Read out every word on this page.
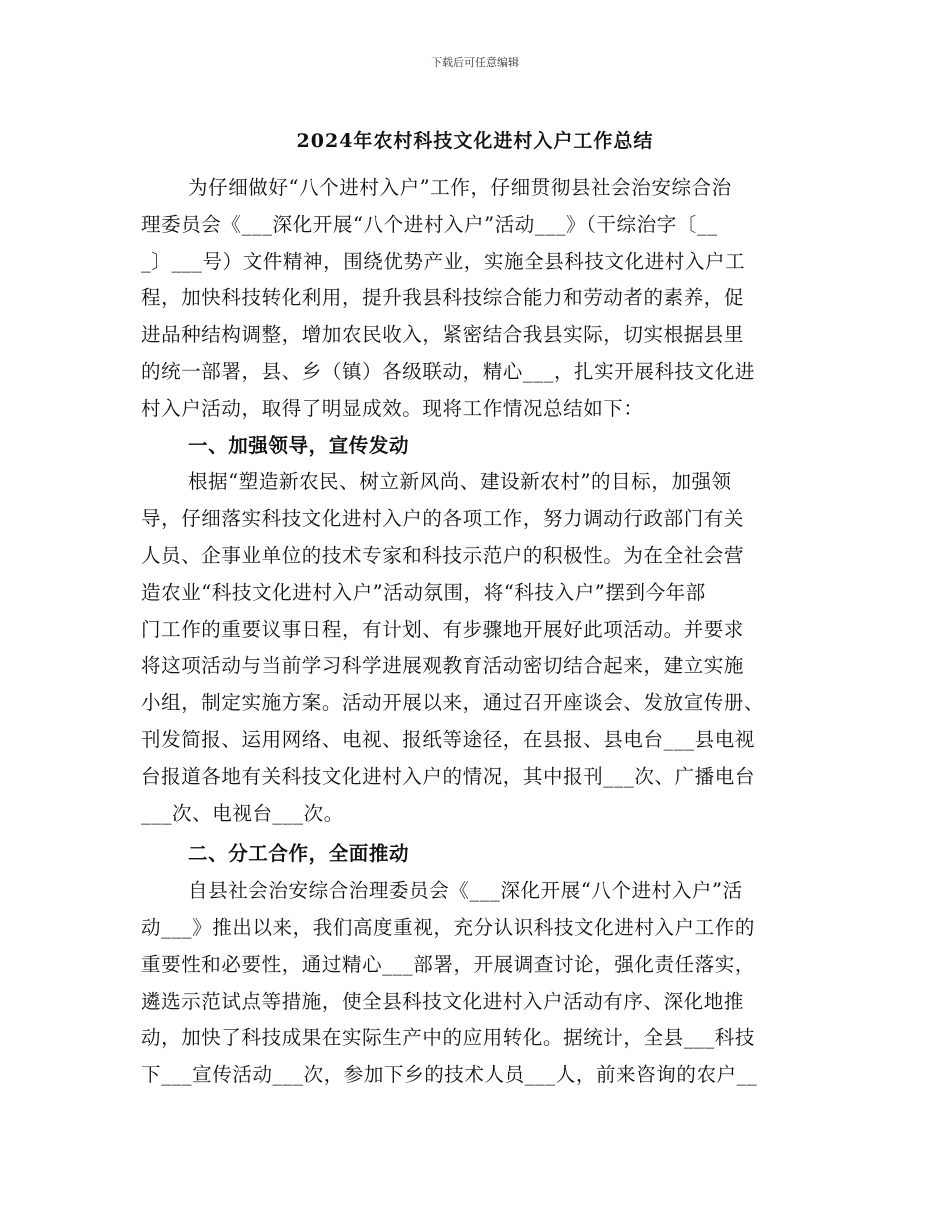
下载后可任意编辑
2024年农村科技文化进村入户工作总结
为仔细做好“八个进村入户”工作，仔细贯彻县社会治安综合治
理委员会《___深化开展“八个进村入户”活动___》（干综治字〔__
_〕___号）文件精神，围绕优势产业，实施全县科技文化进村入户工
程，加快科技转化利用，提升我县科技综合能力和劳动者的素养，促
进品种结构调整，增加农民收入，紧密结合我县实际，切实根据县里
的统一部署，县、乡（镇）各级联动，精心___，扎实开展科技文化进
村入户活动，取得了明显成效。现将工作情况总结如下：
一、加强领导，宣传发动
根据“塑造新农民、树立新风尚、建设新农村”的目标，加强领
导，仔细落实科技文化进村入户的各项工作，努力调动行政部门有关
人员、企事业单位的技术专家和科技示范户的积极性。为在全社会营
造农业“科技文化进村入户”活动氛围，将“科技入户”摆到今年部
门工作的重要议事日程，有计划、有步骤地开展好此项活动。并要求
将这项活动与当前学习科学进展观教育活动密切结合起来，建立实施
小组，制定实施方案。活动开展以来，通过召开座谈会、发放宣传册、
刊发简报、运用网络、电视、报纸等途径，在县报、县电台___县电视
台报道各地有关科技文化进村入户的情况，其中报刊___次、广播电台
___次、电视台___次。
二、分工合作，全面推动
自县社会治安综合治理委员会《___深化开展“八个进村入户”活
动___》推出以来，我们高度重视，充分认识科技文化进村入户工作的
重要性和必要性，通过精心___部署，开展调查讨论，强化责任落实，
遴选示范试点等措施，使全县科技文化进村入户活动有序、深化地推
动，加快了科技成果在实际生产中的应用转化。据统计，全县___科技
下___宣传活动___次，参加下乡的技术人员___人，前来咨询的农户__
